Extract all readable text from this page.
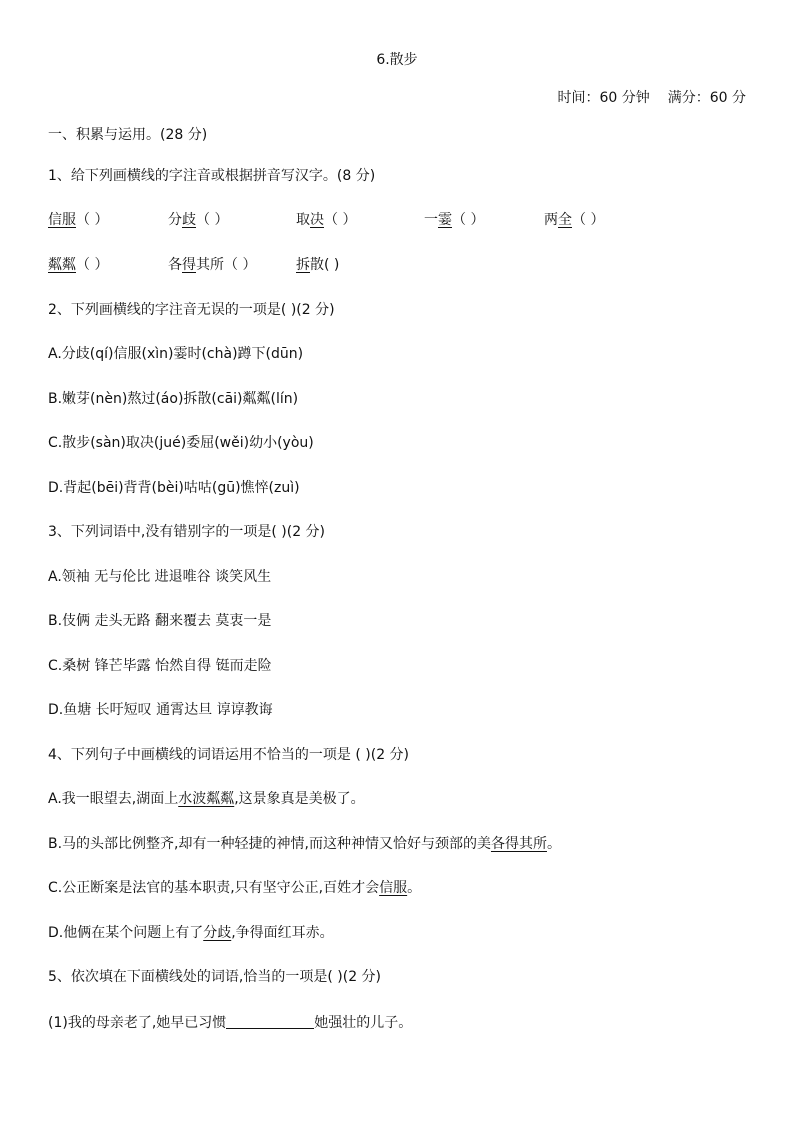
6.散步
时间：60 分钟 满分：60 分
一、积累与运用。(28 分)
1、给下列画横线的字注音或根据拼音写汉字。(8 分)
信服（ ）	分歧（ ）	取决（ ）	一霎（ ）	两全（ ）
粼粼（ ）	各得其所（ ）	拆散( )
2、下列画横线的字注音无误的一项是( )(2 分)
A.分歧(qí)信服(xìn)霎时(chà)蹲下(dūn)
B.嫩芽(nèn)熬过(áo)拆散(cāi)粼粼(lín)
C.散步(sàn)取决(jué)委屈(wěi)幼小(yòu)
D.背起(bēi)背背(bèi)咕咕(gū)憔悴(zuì)
3、下列词语中,没有错别字的一项是( )(2 分)
A.领袖 无与伦比 进退唯谷 谈笑风生
B.伎俩 走头无路 翻来覆去 莫衷一是
C.桑树 锋芒毕露 怡然自得 铤而走险
D.鱼塘 长吁短叹 通霄达旦 谆谆教诲
4、下列句子中画横线的词语运用不恰当的一项是 ( )(2 分)
A.我一眼望去,湖面上水波粼粼,这景象真是美极了。
B.马的头部比例整齐,却有一种轻捷的神情,而这种神情又恰好与颈部的美各得其所。
C.公正断案是法官的基本职责,只有坚守公正,百姓才会信服。
D.他俩在某个问题上有了分歧,争得面红耳赤。
5、依次填在下面横线处的词语,恰当的一项是( )(2 分)
(1)我的母亲老了,她早已习惯	她强壮的儿子。
